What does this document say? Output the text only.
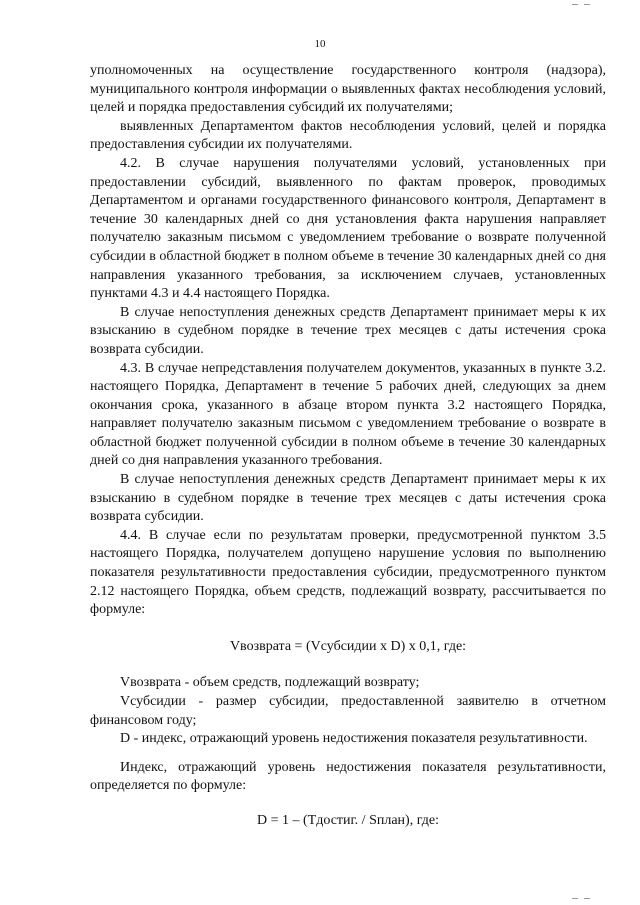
10

уполномоченных на осуществление государственного контроля (надзора), муниципального контроля информации о выявленных фактах несоблюдения условий, целей и порядка предоставления субсидий их получателями;

выявленных Департаментом фактов несоблюдения условий, целей и порядка предоставления субсидии их получателями.

4.2. В случае нарушения получателями условий, установленных при предоставлении субсидий, выявленного по фактам проверок, проводимых Департаментом и органами государственного финансового контроля, Департамент в течение 30 календарных дней со дня установления факта нарушения направляет получателю заказным письмом с уведомлением требование о возврате полученной субсидии в областной бюджет в полном объеме в течение 30 календарных дней со дня направления указанного требования, за исключением случаев, установленных пунктами 4.3 и 4.4 настоящего Порядка.

В случае непоступления денежных средств Департамент принимает меры к их взысканию в судебном порядке в течение трех месяцев с даты истечения срока возврата субсидии.

4.3. В случае непредставления получателем документов, указанных в пункте 3.2. настоящего Порядка, Департамент в течение 5 рабочих дней, следующих за днем окончания срока, указанного в абзаце втором пункта 3.2 настоящего Порядка, направляет получателю заказным письмом с уведомлением требование о возврате в областной бюджет полученной субсидии в полном объеме в течение 30 календарных дней со дня направления указанного требования.

В случае непоступления денежных средств Департамент принимает меры к их взысканию в судебном порядке в течение трех месяцев с даты истечения срока возврата субсидии.

4.4. В случае если по результатам проверки, предусмотренной пунктом 3.5 настоящего Порядка, получателем допущено нарушение условия по выполнению показателя результативности предоставления субсидии, предусмотренного пунктом 2.12 настоящего Порядка, объем средств, подлежащий возврату, рассчитывается по формуле:

Vвозврата = (Vсубсидии x D) x 0,1, где:

Vвозврата - объем средств, подлежащий возврату;

Vсубсидии - размер субсидии, предоставленной заявителю в отчетном финансовом году;

D - индекс, отражающий уровень недостижения показателя результативности.

Индекс, отражающий уровень недостижения показателя результативности, определяется по формуле:

D = 1 – (Тдостиг. / Sплан), где:
